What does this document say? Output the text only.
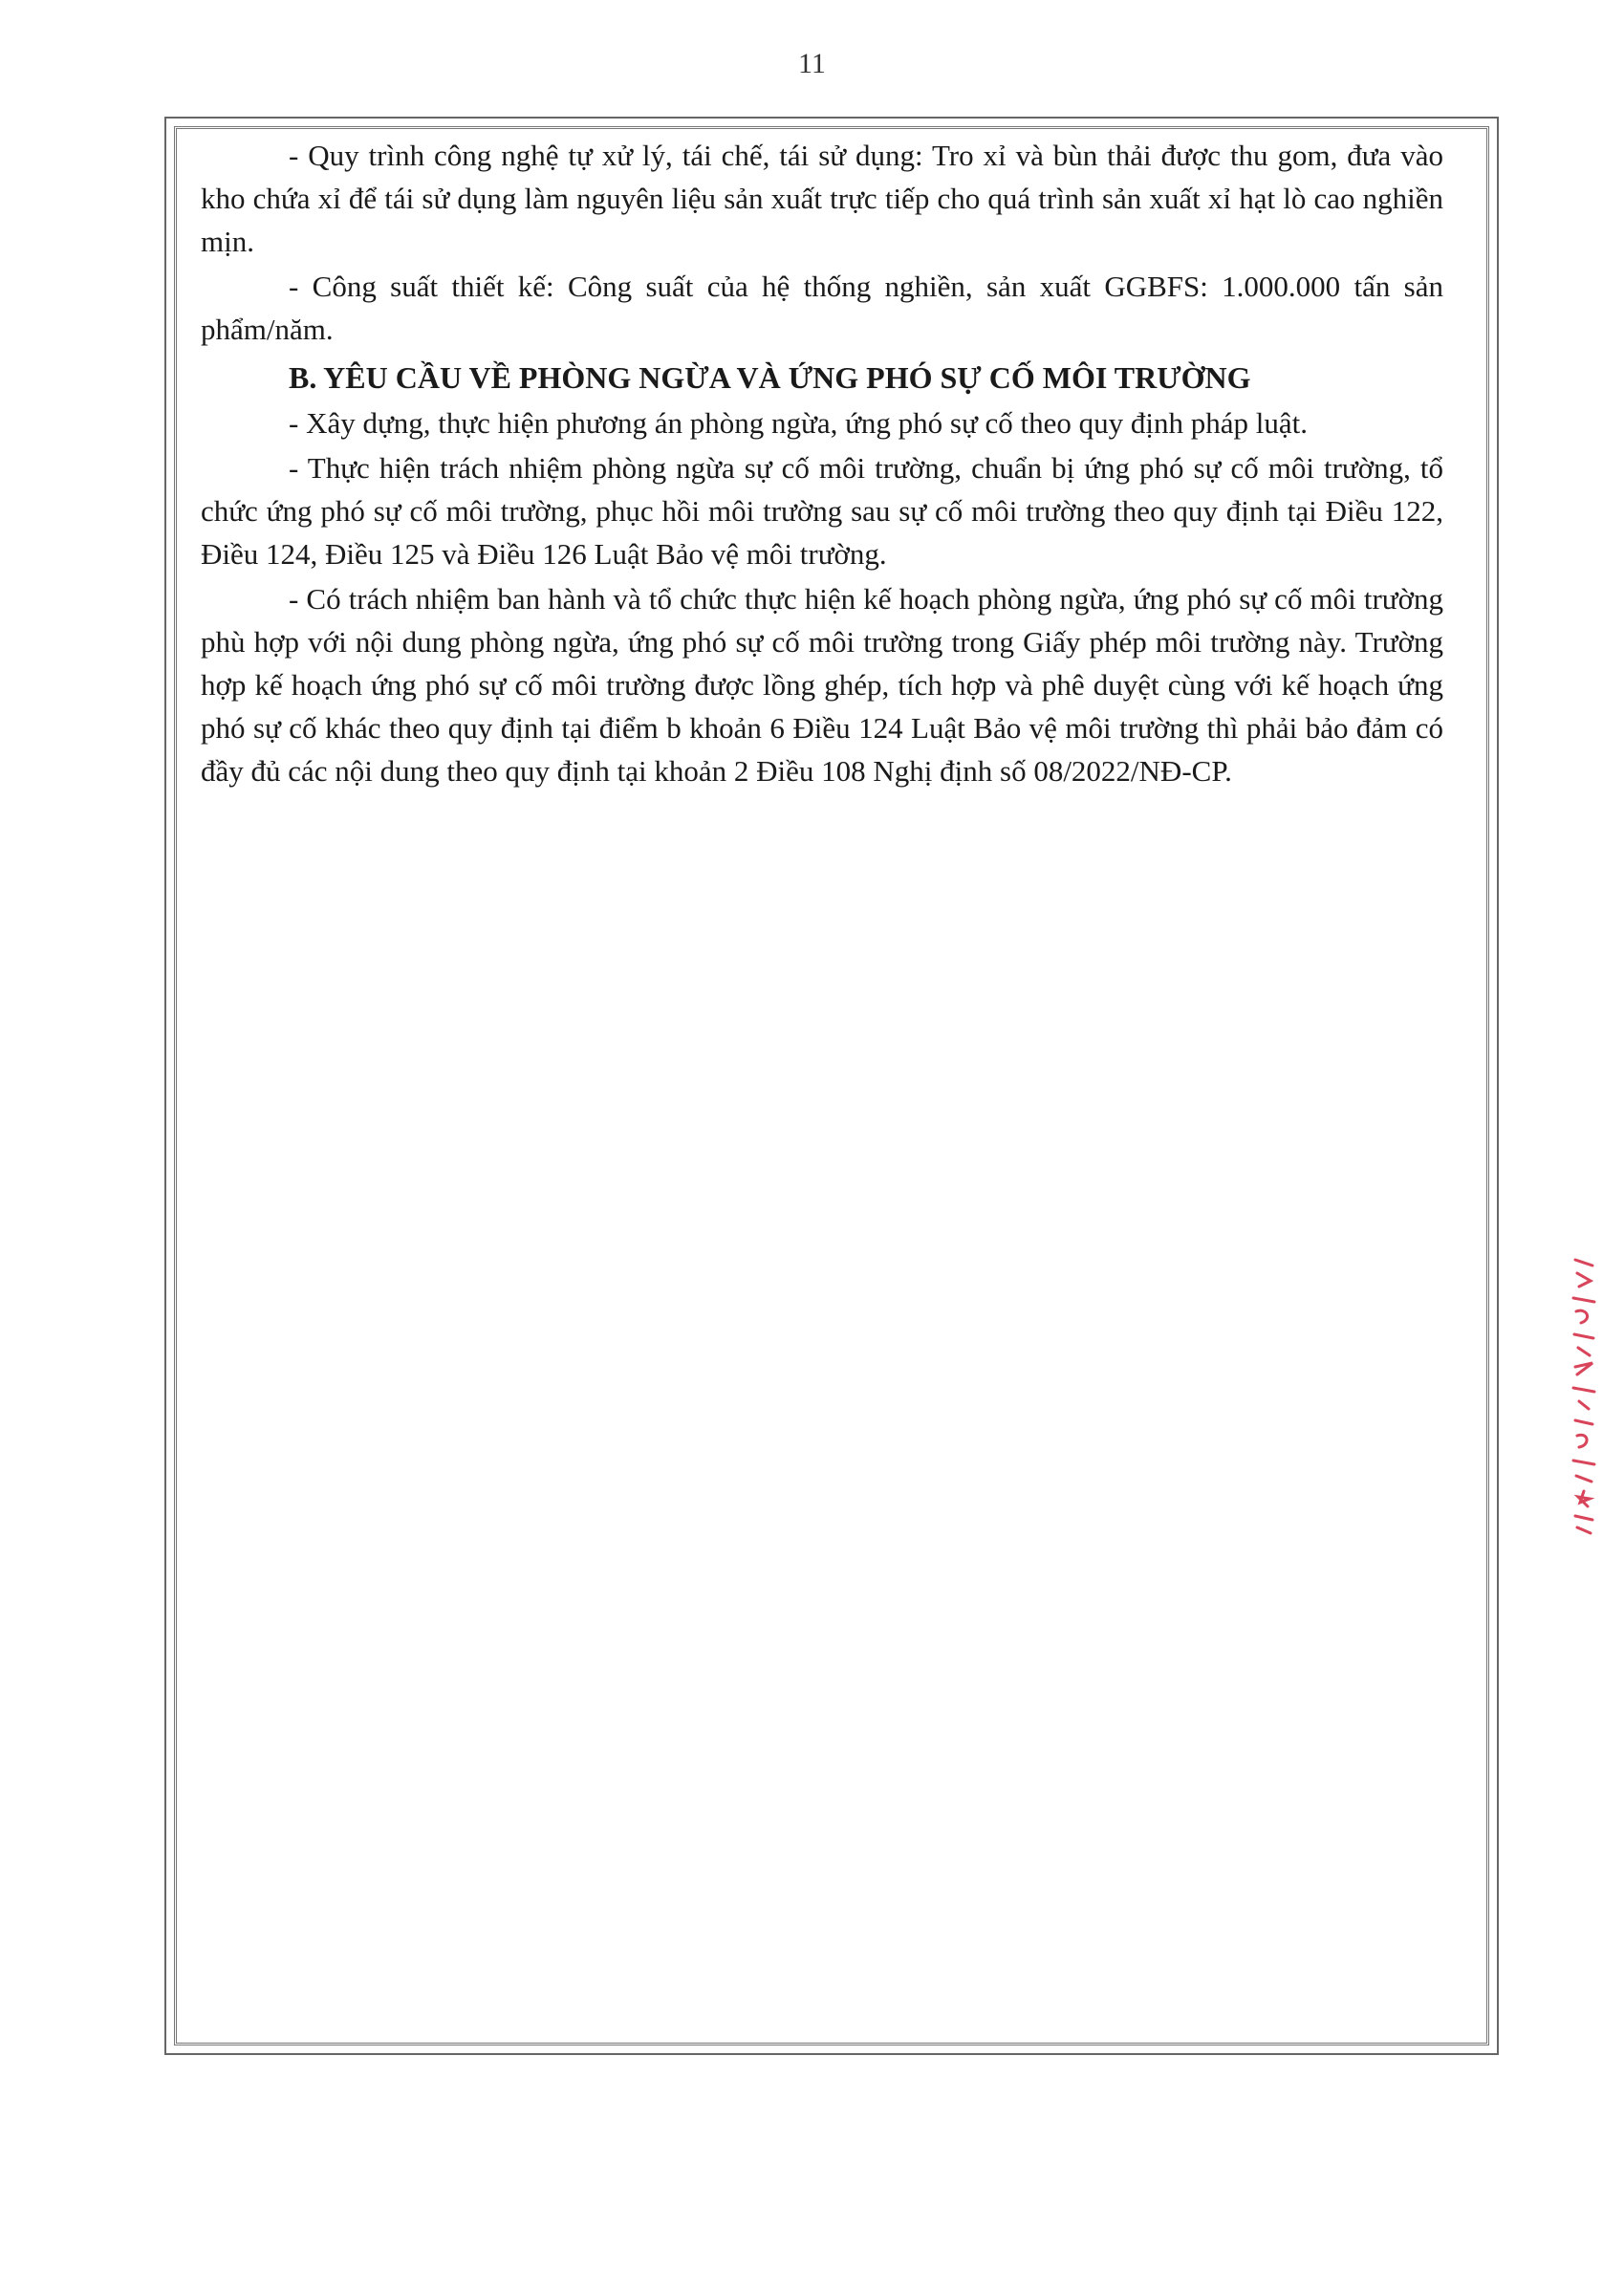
11

- Quy trình công nghệ tự xử lý, tái chế, tái sử dụng: Tro xỉ và bùn thải được thu gom, đưa vào kho chứa xỉ để tái sử dụng làm nguyên liệu sản xuất trực tiếp cho quá trình sản xuất xỉ hạt lò cao nghiền mịn.

- Công suất thiết kế: Công suất của hệ thống nghiền, sản xuất GGBFS: 1.000.000 tấn sản phẩm/năm.

B. YÊU CẦU VỀ PHÒNG NGỪA VÀ ỨNG PHÓ SỰ CỐ MÔI TRƯỜNG

- Xây dựng, thực hiện phương án phòng ngừa, ứng phó sự cố theo quy định pháp luật.

- Thực hiện trách nhiệm phòng ngừa sự cố môi trường, chuẩn bị ứng phó sự cố môi trường, tổ chức ứng phó sự cố môi trường, phục hồi môi trường sau sự cố môi trường theo quy định tại Điều 122, Điều 124, Điều 125 và Điều 126 Luật Bảo vệ môi trường.

- Có trách nhiệm ban hành và tổ chức thực hiện kế hoạch phòng ngừa, ứng phó sự cố môi trường phù hợp với nội dung phòng ngừa, ứng phó sự cố môi trường trong Giấy phép môi trường này. Trường hợp kế hoạch ứng phó sự cố môi trường được lồng ghép, tích hợp và phê duyệt cùng với kế hoạch ứng phó sự cố khác theo quy định tại điểm b khoản 6 Điều 124 Luật Bảo vệ môi trường thì phải bảo đảm có đầy đủ các nội dung theo quy định tại khoản 2 Điều 108 Nghị định số 08/2022/NĐ-CP.
